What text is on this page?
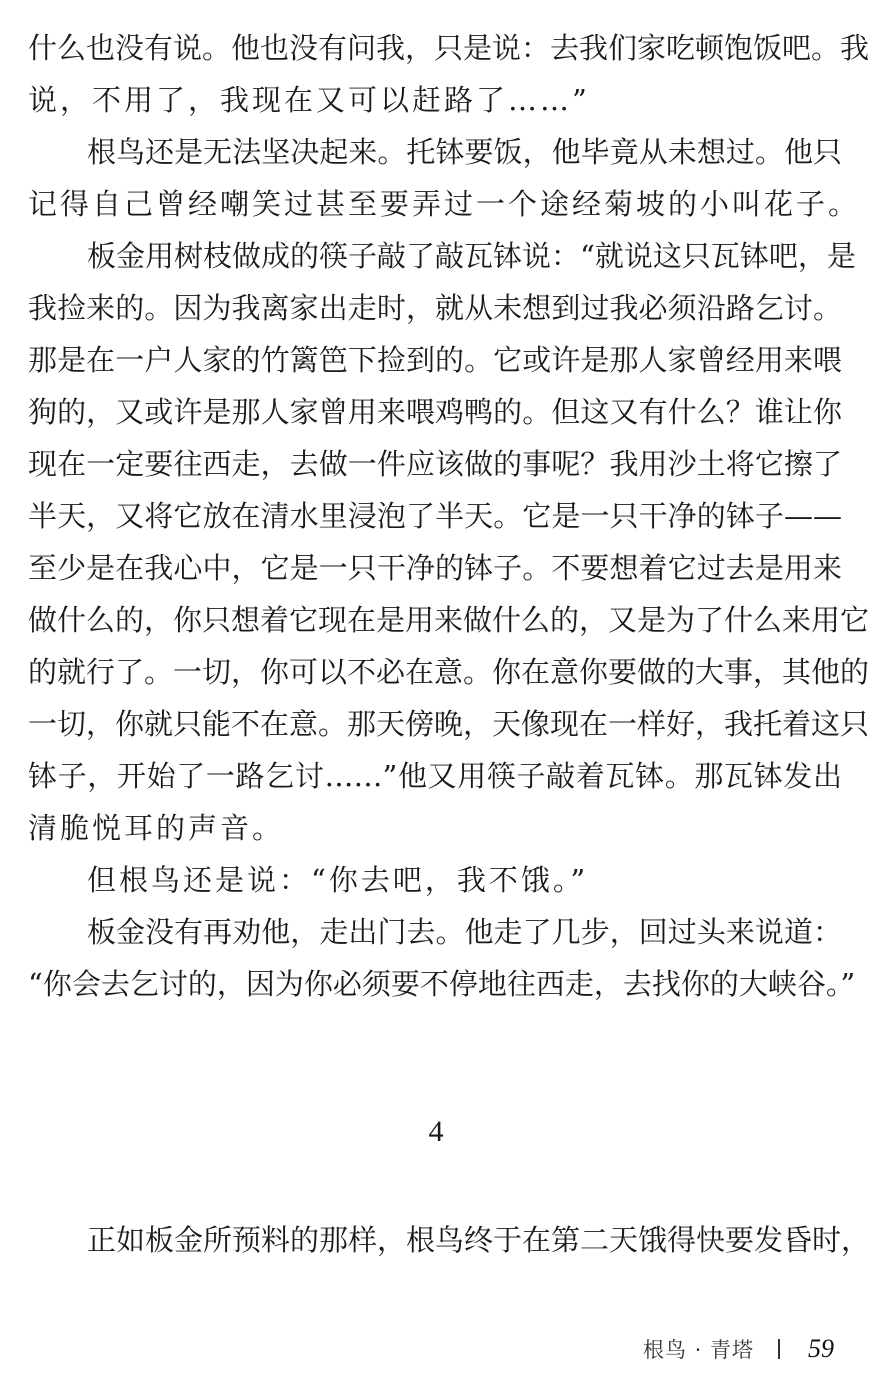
什么也没有说。他也没有问我，只是说：去我们家吃顿饱饭吧。我
说，不用了，我现在又可以赶路了……”
根鸟还是无法坚决起来。托钵要饭，他毕竟从未想过。他只
记得自己曾经嘲笑过甚至要弄过一个途经菊坡的小叫花子。
板金用树枝做成的筷子敲了敲瓦钵说：“就说这只瓦钵吧，是
我捡来的。因为我离家出走时，就从未想到过我必须沿路乞讨。
那是在一户人家的竹篱笆下捡到的。它或许是那人家曾经用来喂
狗的，又或许是那人家曾用来喂鸡鸭的。但这又有什么？谁让你
现在一定要往西走，去做一件应该做的事呢？我用沙土将它擦了
半天，又将它放在清水里浸泡了半天。它是一只干净的钵子——
至少是在我心中，它是一只干净的钵子。不要想着它过去是用来
做什么的，你只想着它现在是用来做什么的，又是为了什么来用它
的就行了。一切，你可以不必在意。你在意你要做的大事，其他的
一切，你就只能不在意。那天傍晚，天像现在一样好，我托着这只
钵子，开始了一路乞讨……”他又用筷子敲着瓦钵。那瓦钵发出
清脆悦耳的声音。
但根鸟还是说：“你去吧，我不饿。”
板金没有再劝他，走出门去。他走了几步，回过头来说道：
“你会去乞讨的，因为你必须要不停地往西走，去找你的大峡谷。”
4
正如板金所预料的那样，根鸟终于在第二天饿得快要发昏时，
根鸟 · 青塔 59
